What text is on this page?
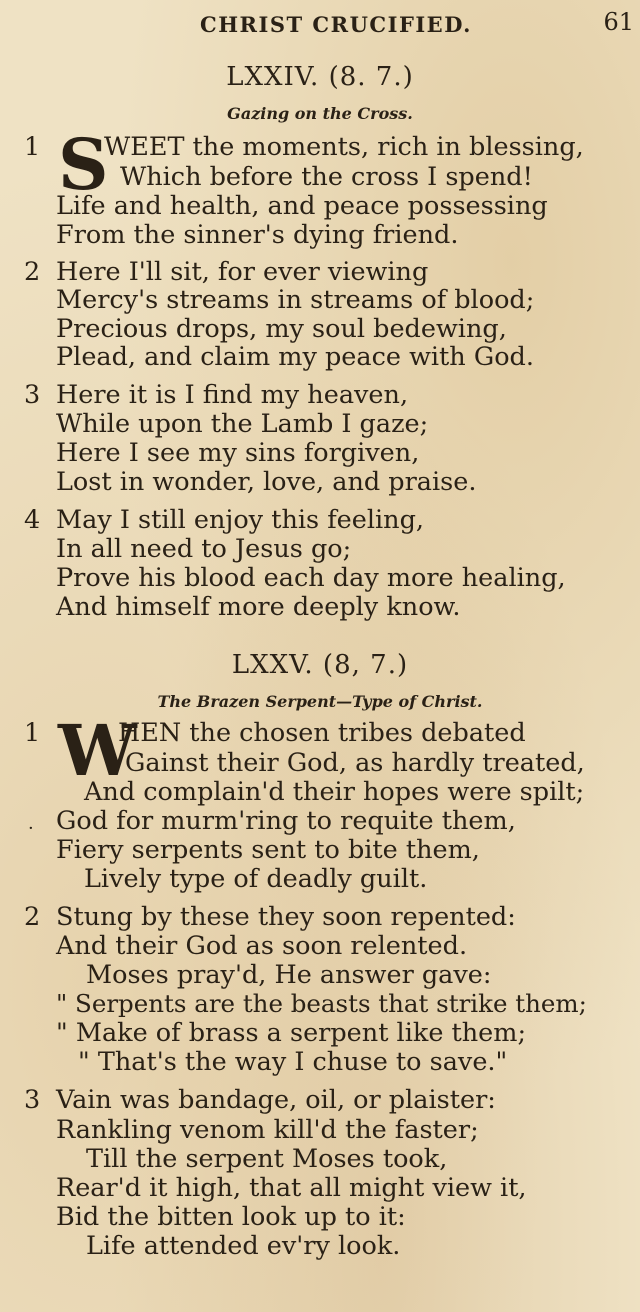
CHRIST CRUCIFIED.	61
LXXIV. (8. 7.)
Gazing on the Cross.
1 S
WEET the moments, rich in blessing,
Which before the cross I spend!
Life and health, and peace possessing
From the sinner's dying friend.
2 Here I'll sit, for ever viewing
Mercy's streams in streams of blood;
Precious drops, my soul bedewing,
Plead, and claim my peace with God.
3 Here it is I find my heaven,
While upon the Lamb I gaze;
Here I see my sins forgiven,
Lost in wonder, love, and praise.
4 May I still enjoy this feeling,
In all need to Jesus go;
Prove his blood each day more healing,
And himself more deeply know.
LXXV. (8, 7.)
The Brazen Serpent—Type of Christ.
1 W
HEN the chosen tribes debated
'Gainst their God, as hardly treated,
And complain'd their hopes were spilt;
· God for murm'ring to requite them,
Fiery serpents sent to bite them,
Lively type of deadly guilt.
2 Stung by these they soon repented:
And their God as soon relented.
Moses pray'd, He answer gave:
" Serpents are the beasts that strike them;
" Make of brass a serpent like them;
" That's the way I chuse to save."
3 Vain was bandage, oil, or plaister:
Rankling venom kill'd the faster;
Till the serpent Moses took,
Rear'd it high, that all might view it,
Bid the bitten look up to it:
Life attended ev'ry look.
